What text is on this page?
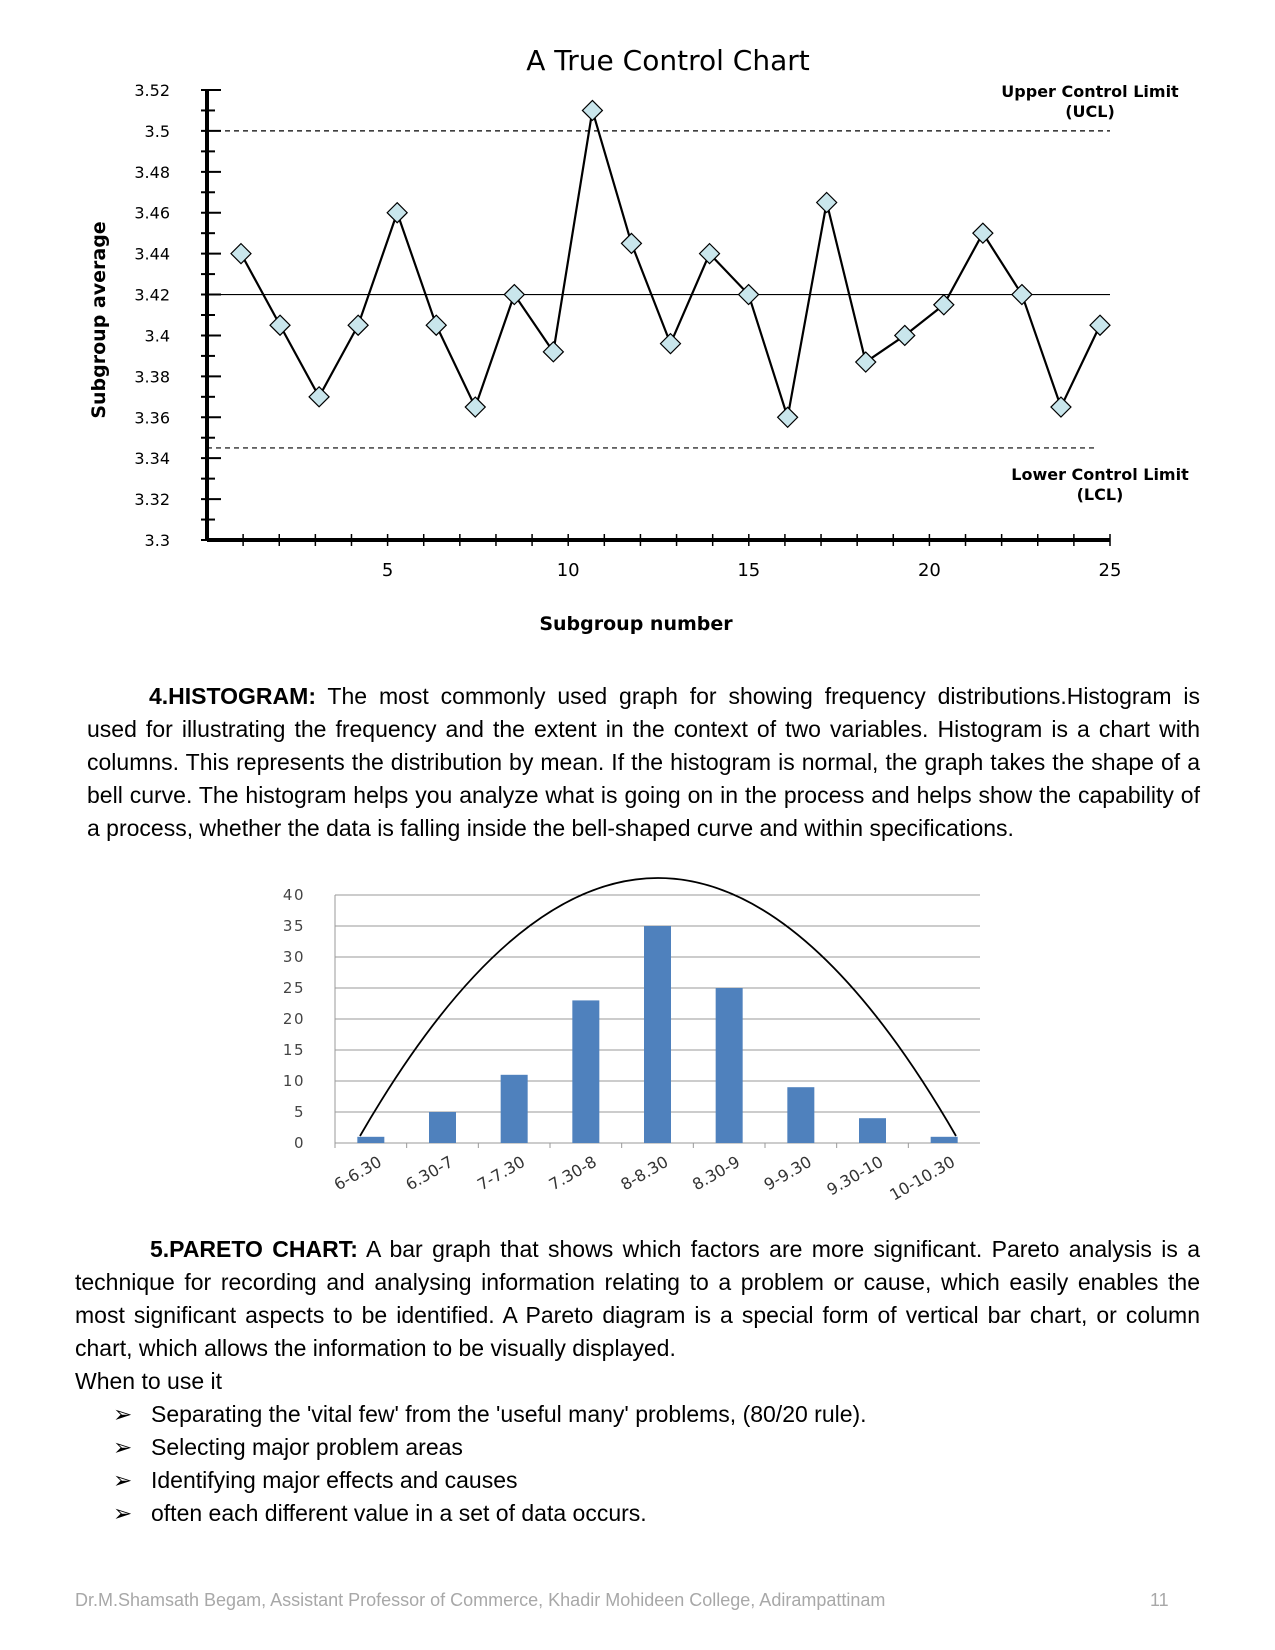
A True Control Chart
3.52
3.5
3.48
3.46
3.44
3.42
3.4
3.38
3.36
3.34
3.32
3.3
5	10	15	20	25
Subgroup average
Subgroup number
Upper Control Limit
(UCL)
Lower Control Limit
(LCL)
4.HISTOGRAM: The most commonly used graph for showing frequency distributions.Histogram is used for illustrating the frequency and the extent in the context of two variables. Histogram is a chart with columns. This represents the distribution by mean. If the histogram is normal, the graph takes the shape of a bell curve. The histogram helps you analyze what is going on in the process and helps show the capability of a process, whether the data is falling inside the bell-shaped curve and within specifications.
40
35
30
25
20
15
10
5
0
6-6.30 6.30-7 7-7.30 7.30-8 8-8.30 8.30-9 9-9.30 9.30-10 10-10.30
5.PARETO CHART: A bar graph that shows which factors are more significant. Pareto analysis is a technique for recording and analysing information relating to a problem or cause, which easily enables the most significant aspects to be identified. A Pareto diagram is a special form of vertical bar chart, or column chart, which allows the information to be visually displayed.
When to use it
➢ Separating the 'vital few' from the 'useful many' problems, (80/20 rule).
➢ Selecting major problem areas
➢ Identifying major effects and causes
➢ often each different value in a set of data occurs.
Dr.M.Shamsath Begam, Assistant Professor of Commerce, Khadir Mohideen College, Adirampattinam	11
